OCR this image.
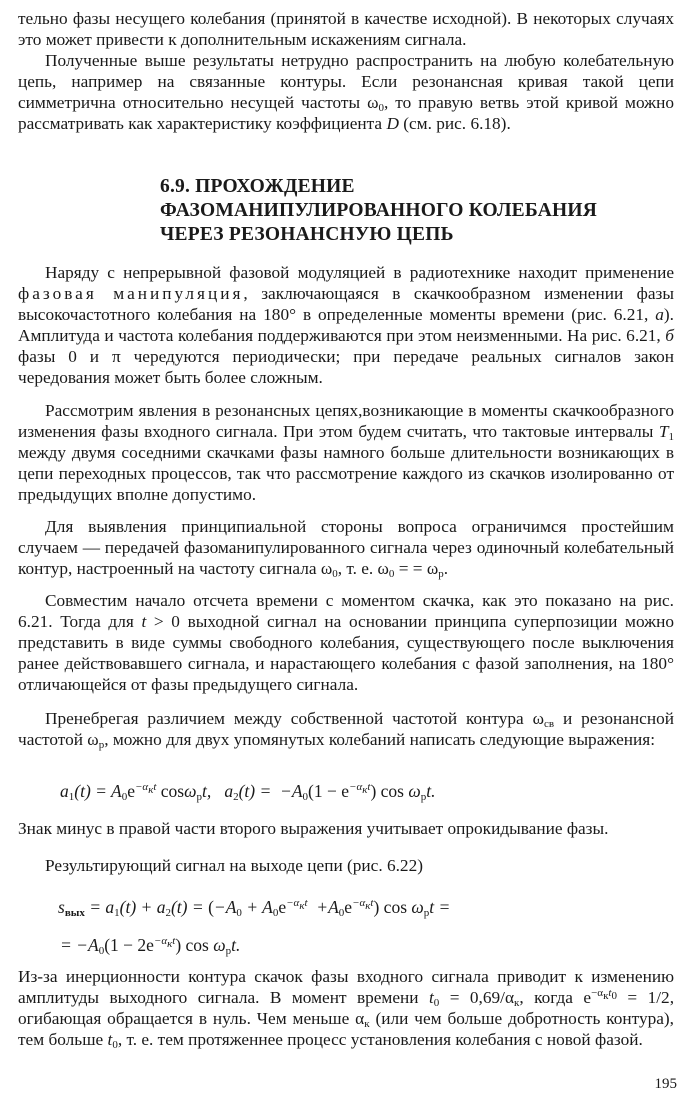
тельно фазы несущего колебания (принятой в качестве исходной). В некоторых случаях это может привести к дополнительным искажениям сигнала.

Полученные выше результаты нетрудно распространить на любую колебательную цепь, например на связанные контуры. Если резонансная кривая такой цепи симметрична относительно несущей частоты $\omega_0$, то правую ветвь этой кривой можно рассматривать как характеристику коэффициента D (см. рис. 6.18).

6.9. ПРОХОЖДЕНИЕ
ФАЗОМАНИПУЛИРОВАННОГО КОЛЕБАНИЯ
ЧЕРЕЗ РЕЗОНАНСНУЮ ЦЕПЬ

Наряду с непрерывной фазовой модуляцией в радиотехнике находит применение фазовая манипуляция, заключающаяся в скачкообразном изменении фазы высокочастотного колебания на 180° в определенные моменты времени (рис. 6.21, а). Амплитуда и частота колебания поддерживаются при этом неизменными. На рис. 6.21, б фазы 0 и π чередуются периодически; при передаче реальных сигналов закон чередования может быть более сложным.

Рассмотрим явления в резонансных цепях,возникающие в моменты скачкообразного изменения фазы входного сигнала. При этом будем считать, что тактовые интервалы $T_1$ между двумя соседними скачками фазы намного больше длительности возникающих в цепи переходных процессов, так что рассмотрение каждого из скачков изолированно от предыдущих вполне допустимо.

Для выявления принципиальной стороны вопроса ограничимся простейшим случаем — передачей фазоманипулированного сигнала через одиночный колебательный контур, настроенный на частоту сигнала $\omega_0$, т. е. $\omega_0$ = = $\omega_р$.

Совместим начало отсчета времени с моментом скачка, как это показано на рис. 6.21. Тогда для t > 0 выходной сигнал на основании принципа суперпозиции можно представить в виде суммы свободного колебания, существующего после выключения ранее действовавшего сигнала, и нарастающего колебания с фазой заполнения, на 180° отличающейся от фазы предыдущего сигнала.

Пренебрегая различием между собственной частотой контура $\omega_{св}$ и резонансной частотой $\omega_р$, можно для двух упомянутых колебаний написать следующие выражения:

$a_1(t) = A_0e^{-\alpha_кt}$ cosω$_р$t,   $a_2(t) = -A_0(1 - e^{-\alpha_кt})$ $\cos \omega_рt$.

Знак минус в правой части второго выражения учитывает опрокидывание фазы.

Результирующий сигнал на выходе цепи (рис. 6.22)

$s_{вых} = a_1(t) + a_2(t) = (-A_0 + A_0e^{-\alpha_кt} +A_0e^{-\alpha_кt})$ $\cos \omega_рt$ =
= $-A_0(1 - 2e^{-\alpha_кt})$ $\cos \omega_рt$.

Из-за инерционности контура скачок фазы входного сигнала приводит к изменению амплитуды выходного сигнала. В момент времени $t_0 = 0,69/\alpha_к$, когда $e^{-\alpha_кt_0} = 1/2$, огибающая обращается в нуль. Чем меньше $\alpha_к$ (или чем больше добротность контура), тем больше $t_0$, т. е. тем протяженнее процесс установления колебания с новой фазой.

195
